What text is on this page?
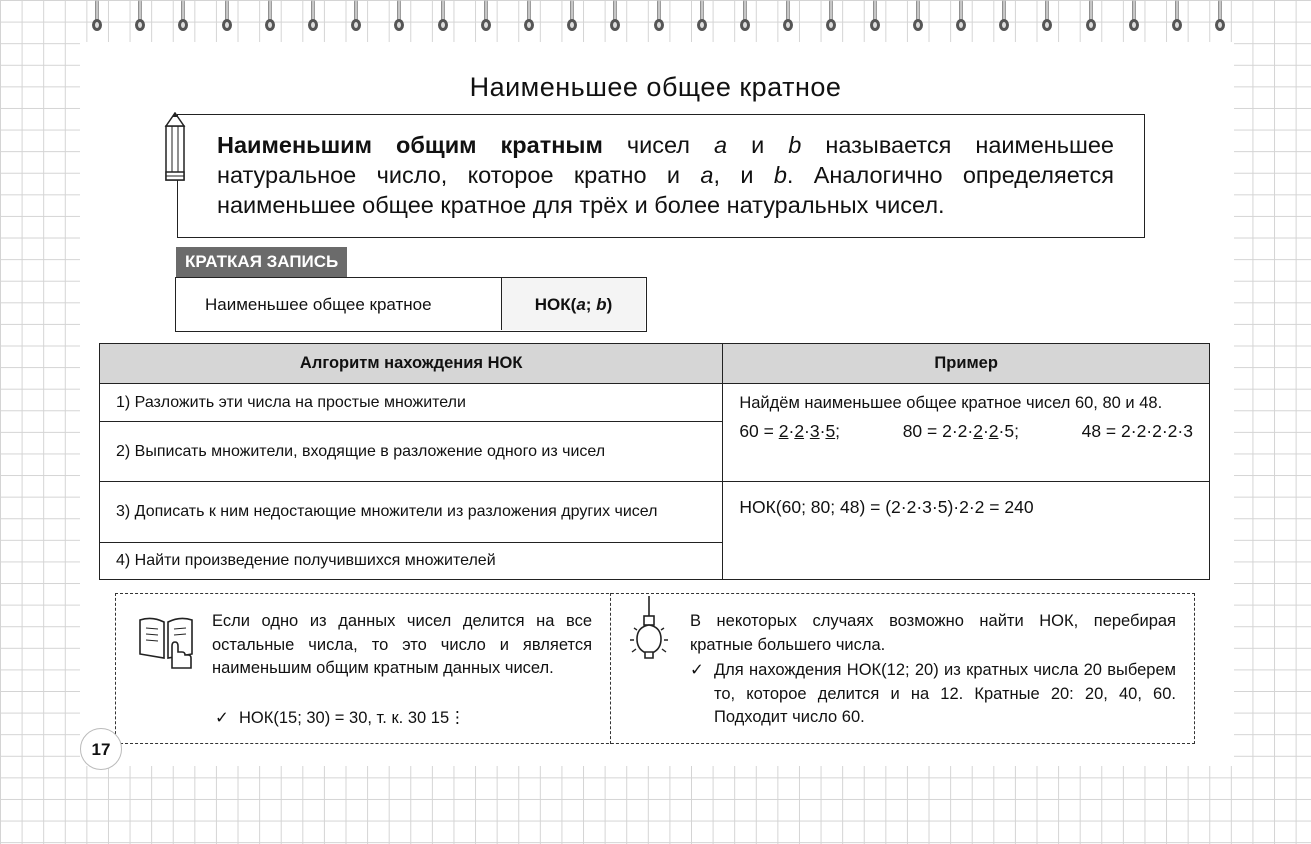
Наименьшее общее кратное
Наименьшим общим кратным чисел a и b называется наименьшее натуральное число, которое кратно и a, и b. Аналогично определяется наименьшее общее кратное для трёх и более натуральных чисел.
КРАТКАЯ ЗАПИСЬ
Наименьшее общее кратное	НОК(a; b)
Алгоритм нахождения НОК	Пример
1) Разложить эти числа на простые множители	Найдём наименьшее общее кратное чисел 60, 80 и 48.
60 = 2·2·3·5; 80 = 2·2·2·2·5; 48 = 2·2·2·2·3

2) Выписать множители, входящие в разложение одного из чисел	
3) Дописать к ним недостающие множители из разложения других чисел	НОК(60; 80; 48) = (2·2·3·5)·2·2 = 240

4) Найти произведение получившихся множителей	
Если одно из данных чисел делится на все остальные числа, то это число и является наименьшим общим кратным данных чисел.
✓ НОК(15; 30) = 30, т. к. 30 15⋮
В некоторых случаях возможно найти НОК, перебирая кратные большего числа.
✓ Для нахождения НОК(12; 20) из кратных числа 20 выберем то, которое делится и на 12. Кратные 20: 20, 40, 60. Подходит число 60.
17
